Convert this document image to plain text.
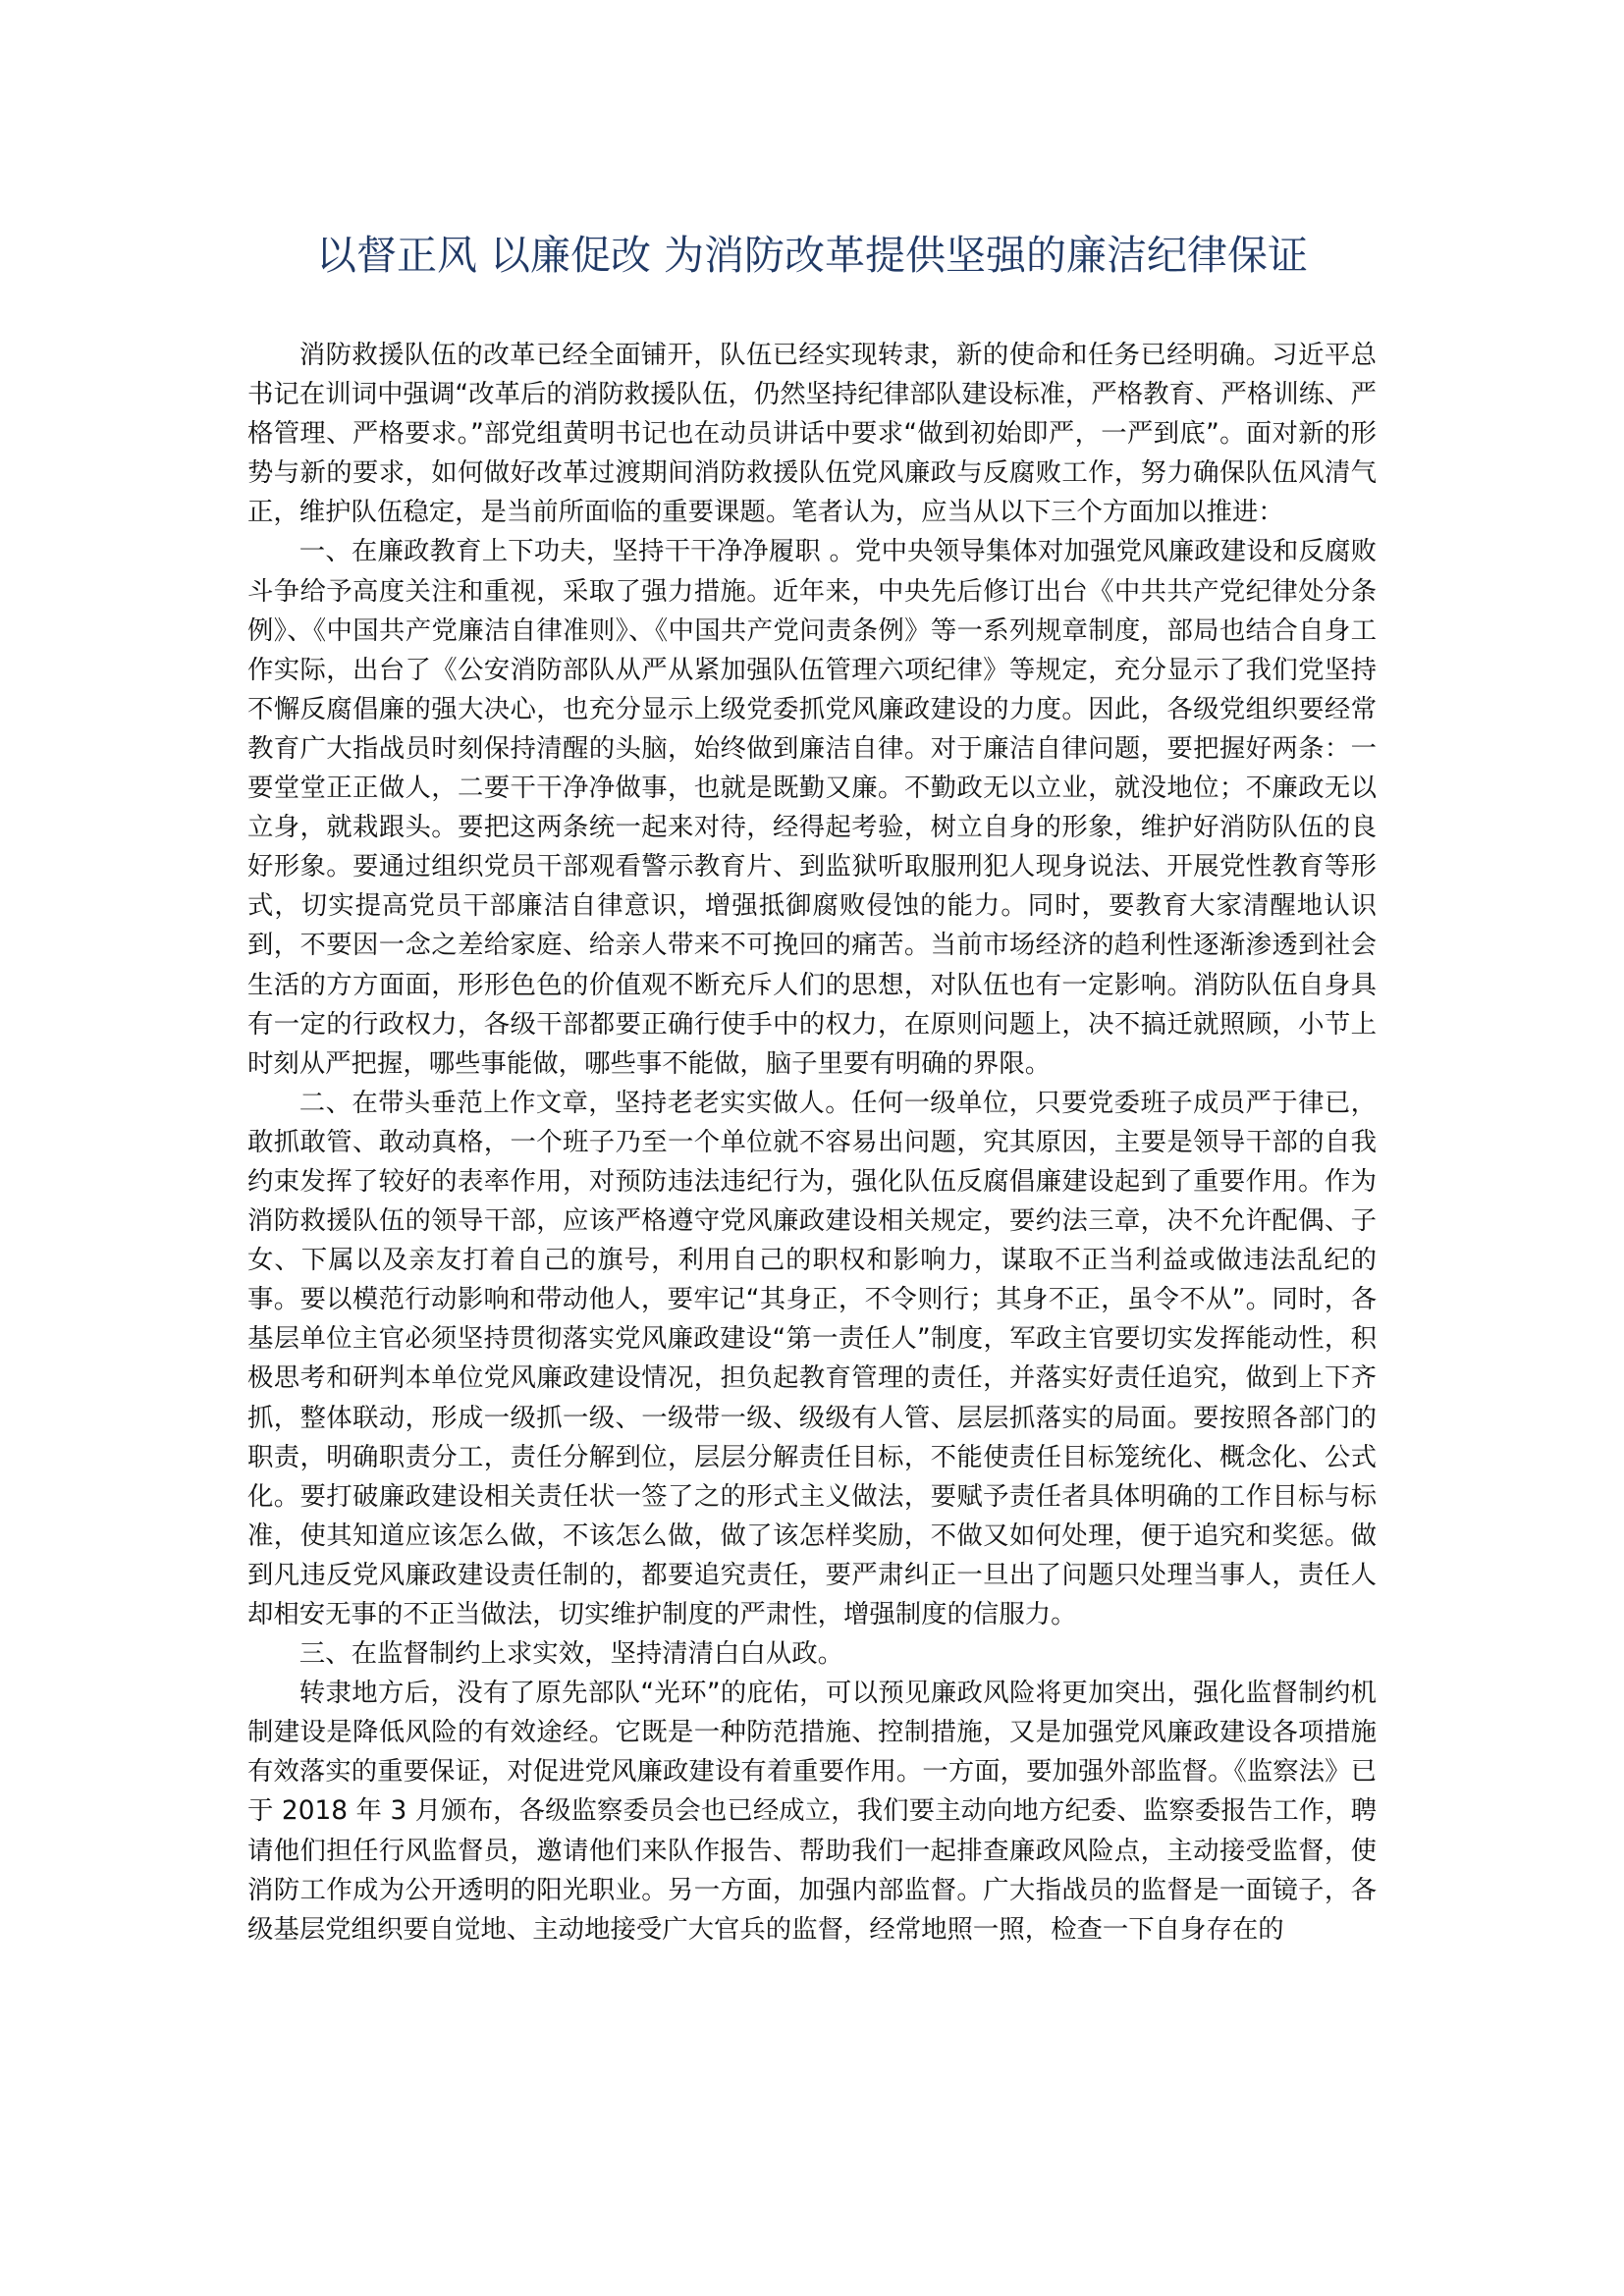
以督正风 以廉促改 为消防改革提供坚强的廉洁纪律保证

消防救援队伍的改革已经全面铺开，队伍已经实现转隶，新的使命和任务已经明确。习近平总书记在训词中强调“改革后的消防救援队伍，仍然坚持纪律部队建设标准，严格教育、严格训练、严格管理、严格要求。”部党组黄明书记也在动员讲话中要求“做到初始即严，一严到底”。面对新的形势与新的要求，如何做好改革过渡期间消防救援队伍党风廉政与反腐败工作，努力确保队伍风清气正，维护队伍稳定，是当前所面临的重要课题。笔者认为，应当从以下三个方面加以推进：

一、在廉政教育上下功夫，坚持干干净净履职 。党中央领导集体对加强党风廉政建设和反腐败斗争给予高度关注和重视，采取了强力措施。近年来，中央先后修订出台《中共共产党纪律处分条例》、《中国共产党廉洁自律准则》、《中国共产党问责条例》等一系列规章制度，部局也结合自身工作实际，出台了《公安消防部队从严从紧加强队伍管理六项纪律》等规定，充分显示了我们党坚持不懈反腐倡廉的强大决心，也充分显示上级党委抓党风廉政建设的力度。因此，各级党组织要经常教育广大指战员时刻保持清醒的头脑，始终做到廉洁自律。对于廉洁自律问题，要把握好两条：一要堂堂正正做人，二要干干净净做事，也就是既勤又廉。不勤政无以立业，就没地位；不廉政无以立身，就栽跟头。要把这两条统一起来对待，经得起考验，树立自身的形象，维护好消防队伍的良好形象。要通过组织党员干部观看警示教育片、到监狱听取服刑犯人现身说法、开展党性教育等形式，切实提高党员干部廉洁自律意识，增强抵御腐败侵蚀的能力。同时，要教育大家清醒地认识到，不要因一念之差给家庭、给亲人带来不可挽回的痛苦。当前市场经济的趋利性逐渐渗透到社会生活的方方面面，形形色色的价值观不断充斥人们的思想，对队伍也有一定影响。消防队伍自身具有一定的行政权力，各级干部都要正确行使手中的权力，在原则问题上，决不搞迁就照顾，小节上时刻从严把握，哪些事能做，哪些事不能做，脑子里要有明确的界限。

二、在带头垂范上作文章，坚持老老实实做人。任何一级单位，只要党委班子成员严于律已，敢抓敢管、敢动真格，一个班子乃至一个单位就不容易出问题，究其原因，主要是领导干部的自我约束发挥了较好的表率作用，对预防违法违纪行为，强化队伍反腐倡廉建设起到了重要作用。作为消防救援队伍的领导干部，应该严格遵守党风廉政建设相关规定，要约法三章，决不允许配偶、子女、下属以及亲友打着自己的旗号，利用自己的职权和影响力，谋取不正当利益或做违法乱纪的事。要以模范行动影响和带动他人，要牢记“其身正，不令则行；其身不正，虽令不从”。同时，各基层单位主官必须坚持贯彻落实党风廉政建设“第一责任人”制度，军政主官要切实发挥能动性，积极思考和研判本单位党风廉政建设情况，担负起教育管理的责任，并落实好责任追究，做到上下齐抓，整体联动，形成一级抓一级、一级带一级、级级有人管、层层抓落实的局面。要按照各部门的职责，明确职责分工，责任分解到位，层层分解责任目标，不能使责任目标笼统化、概念化、公式化。要打破廉政建设相关责任状一签了之的形式主义做法，要赋予责任者具体明确的工作目标与标准，使其知道应该怎么做，不该怎么做，做了该怎样奖励，不做又如何处理，便于追究和奖惩。做到凡违反党风廉政建设责任制的，都要追究责任，要严肃纠正一旦出了问题只处理当事人，责任人却相安无事的不正当做法，切实维护制度的严肃性，增强制度的信服力。

三、在监督制约上求实效，坚持清清白白从政。

转隶地方后，没有了原先部队“光环”的庇佑，可以预见廉政风险将更加突出，强化监督制约机制建设是降低风险的有效途经。它既是一种防范措施、控制措施，又是加强党风廉政建设各项措施有效落实的重要保证，对促进党风廉政建设有着重要作用。一方面，要加强外部监督。《监察法》已于 2018 年 3 月颁布，各级监察委员会也已经成立，我们要主动向地方纪委、监察委报告工作，聘请他们担任行风监督员，邀请他们来队作报告、帮助我们一起排查廉政风险点，主动接受监督，使消防工作成为公开透明的阳光职业。另一方面，加强内部监督。广大指战员的监督是一面镜子，各级基层党组织要自觉地、主动地接受广大官兵的监督，经常地照一照，检查一下自身存在的
